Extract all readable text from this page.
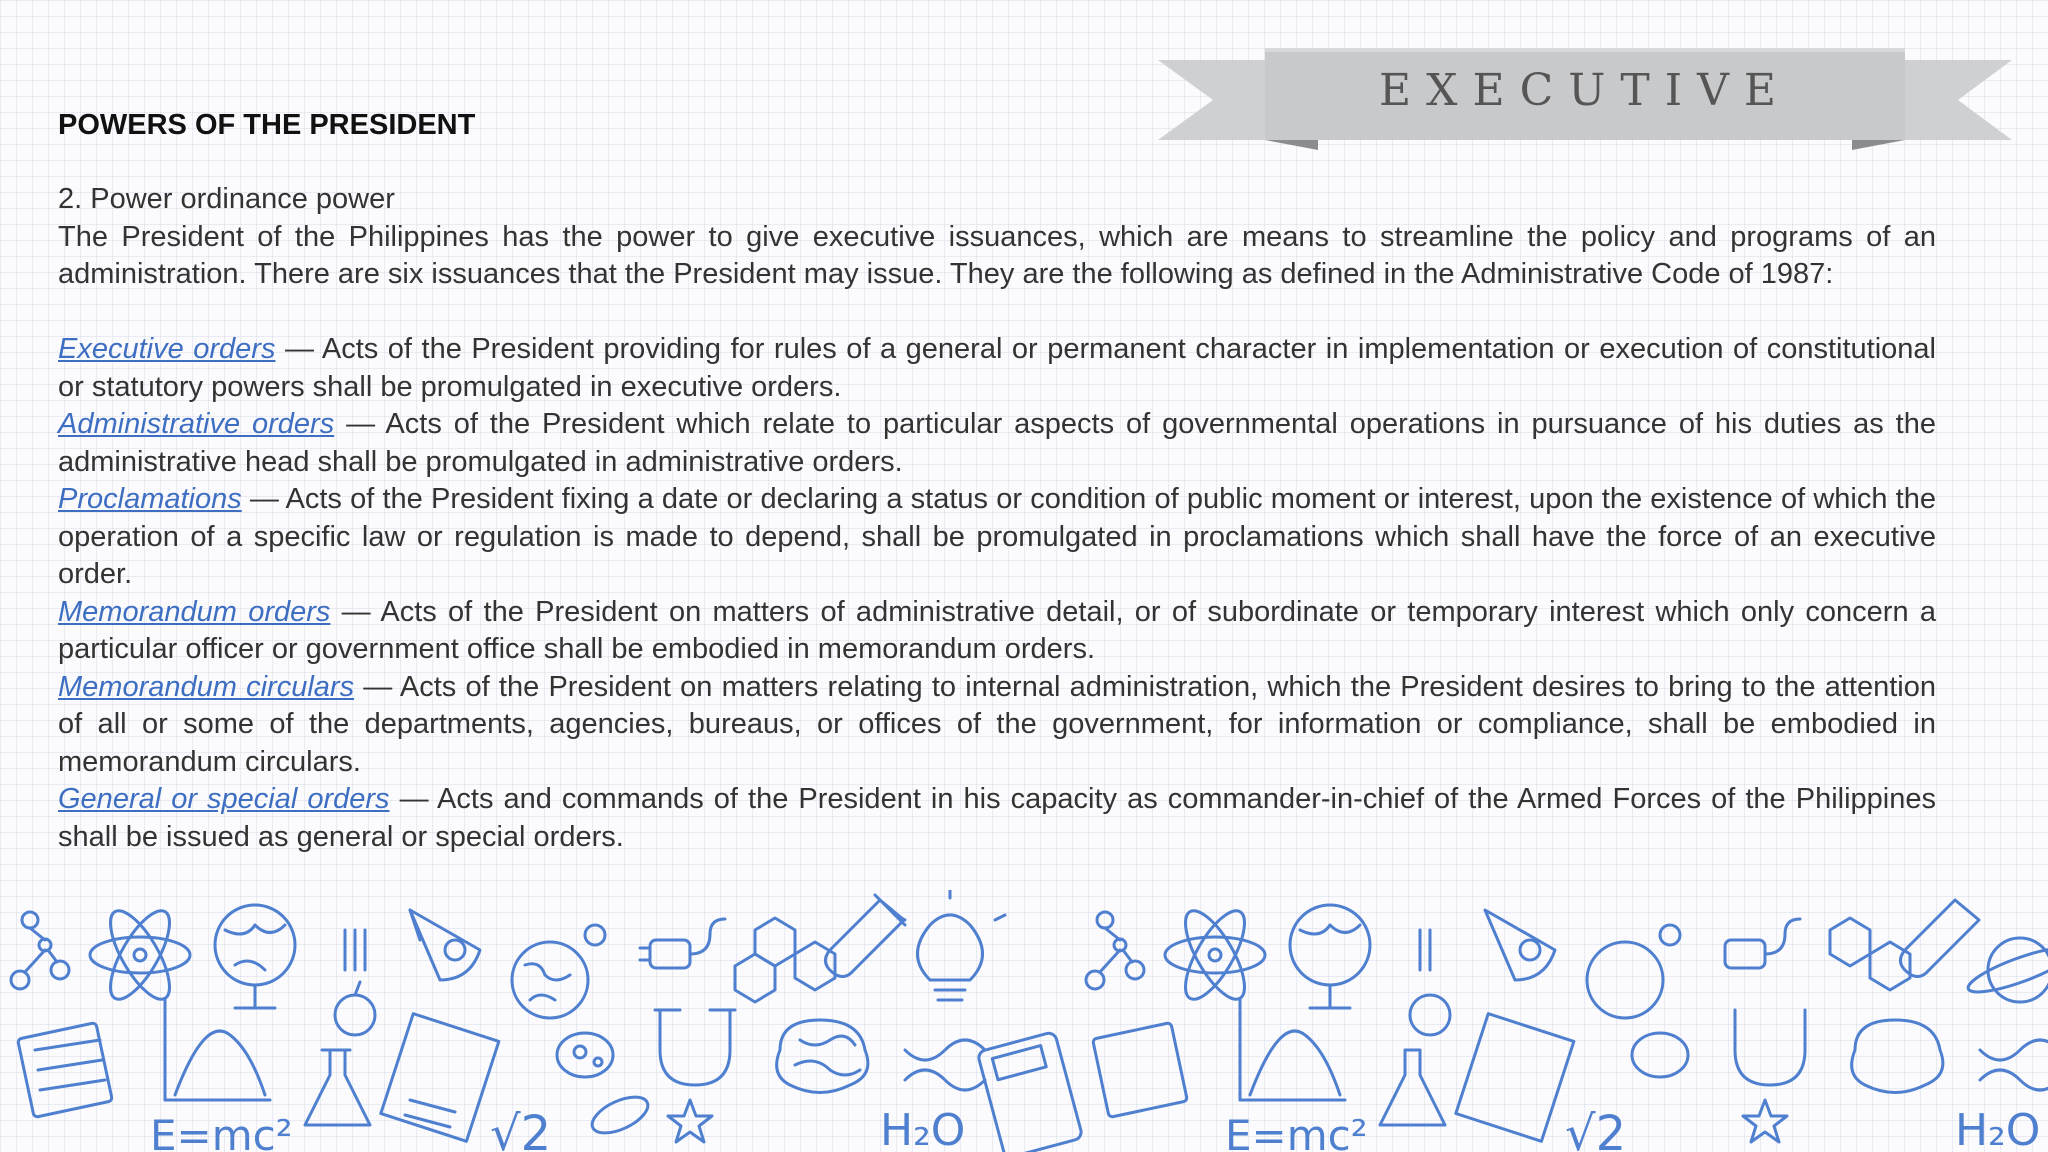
EXECUTIVE
POWERS OF THE PRESIDENT
2. Power ordinance power

The President of the Philippines has the power to give executive issuances, which are means to streamline the policy and programs of an administration. There are six issuances that the President may issue. They are the following as defined in the Administrative Code of 1987:

Executive orders — Acts of the President providing for rules of a general or permanent character in implementation or execution of constitutional or statutory powers shall be promulgated in executive orders.

Administrative orders — Acts of the President which relate to particular aspects of governmental operations in pursuance of his duties as the administrative head shall be promulgated in administrative orders.

Proclamations — Acts of the President fixing a date or declaring a status or condition of public moment or interest, upon the existence of which the operation of a specific law or regulation is made to depend, shall be promulgated in proclamations which shall have the force of an executive order.

Memorandum orders — Acts of the President on matters of administrative detail, or of subordinate or temporary interest which only concern a particular officer or government office shall be embodied in memorandum orders.

Memorandum circulars — Acts of the President on matters relating to internal administration, which the President desires to bring to the attention of all or some of the departments, agencies, bureaus, or offices of the government, for information or compliance, shall be embodied in memorandum circulars.

General or special orders — Acts and commands of the President in his capacity as commander-in-chief of the Armed Forces of the Philippines shall be issued as general or special orders.

E=mc²	√2	H₂O	E=mc²	√2	H₂O
